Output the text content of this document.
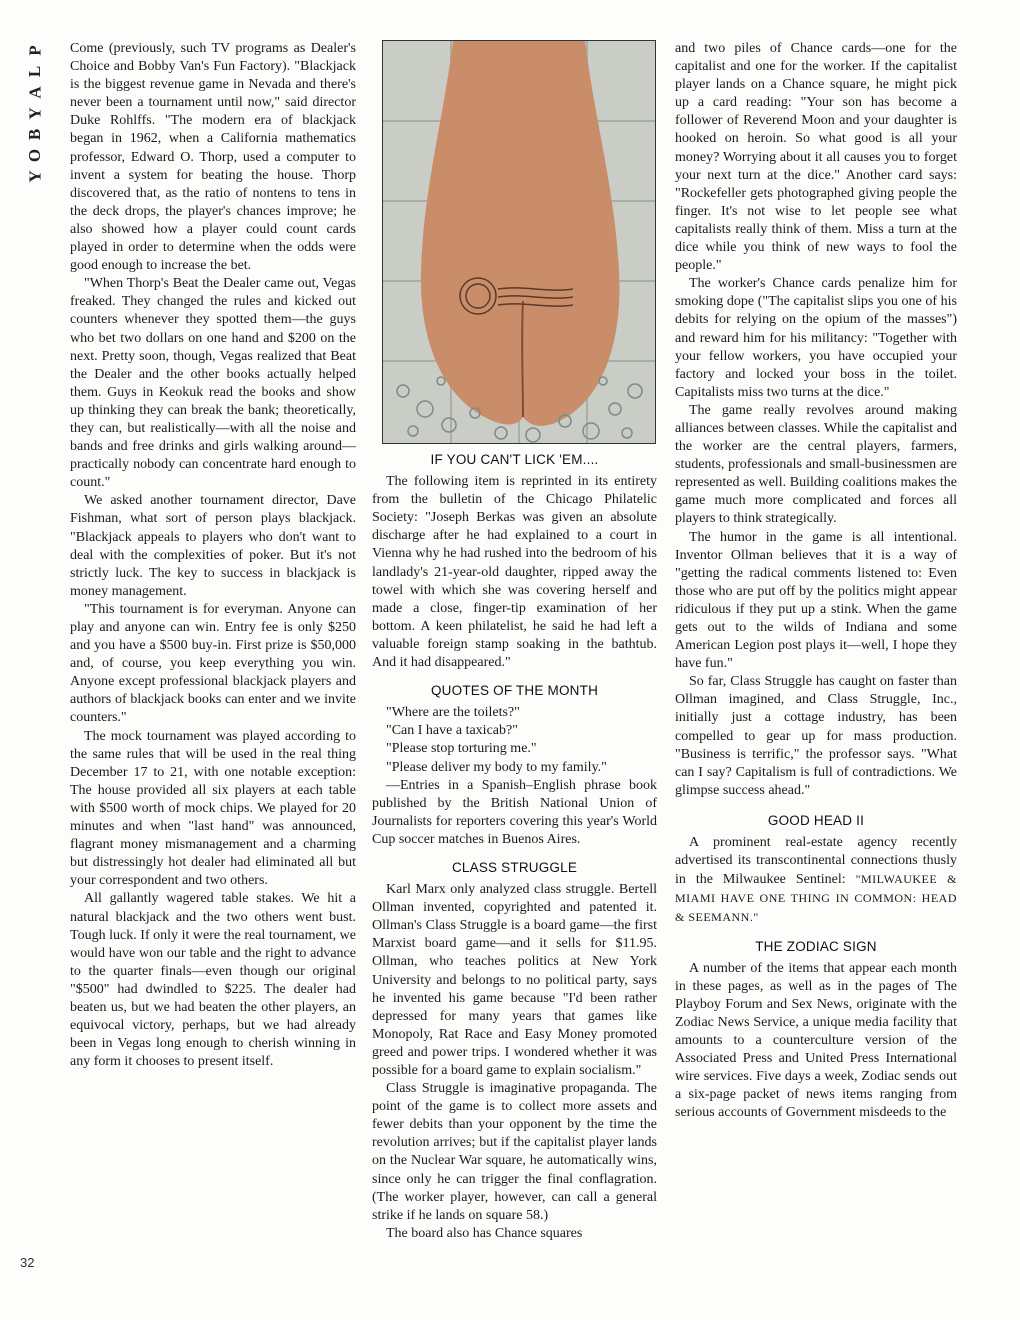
P
L
A
Y
B
O
Y
32

Come (previously, such TV programs as Dealer's Choice and Bobby Van's Fun Factory). "Blackjack is the biggest revenue game in Nevada and there's never been a tournament until now," said director Duke Rohlffs. "The modern era of blackjack began in 1962, when a California mathematics professor, Edward O. Thorp, used a computer to invent a system for beating the house. Thorp discovered that, as the ratio of nontens to tens in the deck drops, the player's chances improve; he also showed how a player could count cards played in order to determine when the odds were good enough to increase the bet.

"When Thorp's Beat the Dealer came out, Vegas freaked. They changed the rules and kicked out counters whenever they spotted them—the guys who bet two dollars on one hand and $200 on the next. Pretty soon, though, Vegas realized that Beat the Dealer and the other books actually helped them. Guys in Keokuk read the books and show up thinking they can break the bank; theoretically, they can, but realistically—with all the noise and bands and free drinks and girls walking around—practically nobody can concentrate hard enough to count."

We asked another tournament director, Dave Fishman, what sort of person plays blackjack. "Blackjack appeals to players who don't want to deal with the complexities of poker. But it's not strictly luck. The key to success in blackjack is money management.

"This tournament is for everyman. Anyone can play and anyone can win. Entry fee is only $250 and you have a $500 buy-in. First prize is $50,000 and, of course, you keep everything you win. Anyone except professional blackjack players and authors of blackjack books can enter and we invite counters."

The mock tournament was played according to the same rules that will be used in the real thing December 17 to 21, with one notable exception: The house provided all six players at each table with $500 worth of mock chips. We played for 20 minutes and when "last hand" was announced, flagrant money mismanagement and a charming but distressingly hot dealer had eliminated all but your correspondent and two others.

All gallantly wagered table stakes. We hit a natural blackjack and the two others went bust. Tough luck. If only it were the real tournament, we would have won our table and the right to advance to the quarter finals—even though our original "$500" had dwindled to $225. The dealer had beaten us, but we had beaten the other players, an equivocal victory, perhaps, but we had already been in Vegas long enough to cherish winning in any form it chooses to present itself.

IF YOU CAN'T LICK 'EM....

The following item is reprinted in its entirety from the bulletin of the Chicago Philatelic Society: "Joseph Berkas was given an absolute discharge after he had explained to a court in Vienna why he had rushed into the bedroom of his landlady's 21-year-old daughter, ripped away the towel with which she was covering herself and made a close, finger-tip examination of her bottom. A keen philatelist, he said he had left a valuable foreign stamp soaking in the bathtub. And it had disappeared."

QUOTES OF THE MONTH

"Where are the toilets?"

"Can I have a taxicab?"

"Please stop torturing me."

"Please deliver my body to my family."

—Entries in a Spanish–English phrase book published by the British National Union of Journalists for reporters covering this year's World Cup soccer matches in Buenos Aires.

CLASS STRUGGLE

Karl Marx only analyzed class struggle. Bertell Ollman invented, copyrighted and patented it. Ollman's Class Struggle is a board game—the first Marxist board game—and it sells for $11.95. Ollman, who teaches politics at New York University and belongs to no political party, says he invented his game because "I'd been rather depressed for many years that games like Monopoly, Rat Race and Easy Money promoted greed and power trips. I wondered whether it was possible for a board game to explain socialism."

Class Struggle is imaginative propaganda. The point of the game is to collect more assets and fewer debits than your opponent by the time the revolution arrives; but if the capitalist player lands on the Nuclear War square, he automatically wins, since only he can trigger the final conflagration. (The worker player, however, can call a general strike if he lands on square 58.)

The board also has Chance squares

and two piles of Chance cards—one for the capitalist and one for the worker. If the capitalist player lands on a Chance square, he might pick up a card reading: "Your son has become a follower of Reverend Moon and your daughter is hooked on heroin. So what good is all your money? Worrying about it all causes you to forget your next turn at the dice." Another card says: "Rockefeller gets photographed giving people the finger. It's not wise to let people see what capitalists really think of them. Miss a turn at the dice while you think of new ways to fool the people."

The worker's Chance cards penalize him for smoking dope ("The capitalist slips you one of his debits for relying on the opium of the masses") and reward him for his militancy: "Together with your fellow workers, you have occupied your factory and locked your boss in the toilet. Capitalists miss two turns at the dice."

The game really revolves around making alliances between classes. While the capitalist and the worker are the central players, farmers, students, professionals and small-businessmen are represented as well. Building coalitions makes the game much more complicated and forces all players to think strategically.

The humor in the game is all intentional. Inventor Ollman believes that it is a way of "getting the radical comments listened to: Even those who are put off by the politics might appear ridiculous if they put up a stink. When the game gets out to the wilds of Indiana and some American Legion post plays it—well, I hope they have fun."

So far, Class Struggle has caught on faster than Ollman imagined, and Class Struggle, Inc., initially just a cottage industry, has been compelled to gear up for mass production. "Business is terrific," the professor says. "What can I say? Capitalism is full of contradictions. We glimpse success ahead."

GOOD HEAD II

A prominent real-estate agency recently advertised its transcontinental connections thusly in the Milwaukee Sentinel: "MILWAUKEE & MIAMI HAVE ONE THING IN COMMON: HEAD & SEEMANN."

THE ZODIAC SIGN

A number of the items that appear each month in these pages, as well as in the pages of The Playboy Forum and Sex News, originate with the Zodiac News Service, a unique media facility that amounts to a counterculture version of the Associated Press and United Press International wire services. Five days a week, Zodiac sends out a six-page packet of news items ranging from serious accounts of Government misdeeds to the
